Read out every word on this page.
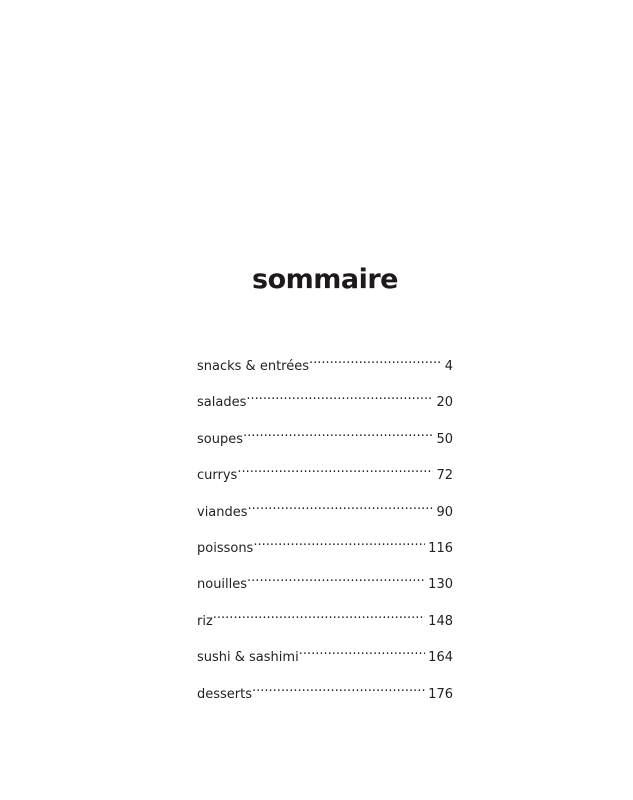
sommaire
snacks & entrées .....	4
salades .....	20
soupes .....	50
currys .....	72
viandes .....	90
poissons .....	116
nouilles .....	130
riz .....	148
sushi & sashimi .....	164
desserts .....	176
